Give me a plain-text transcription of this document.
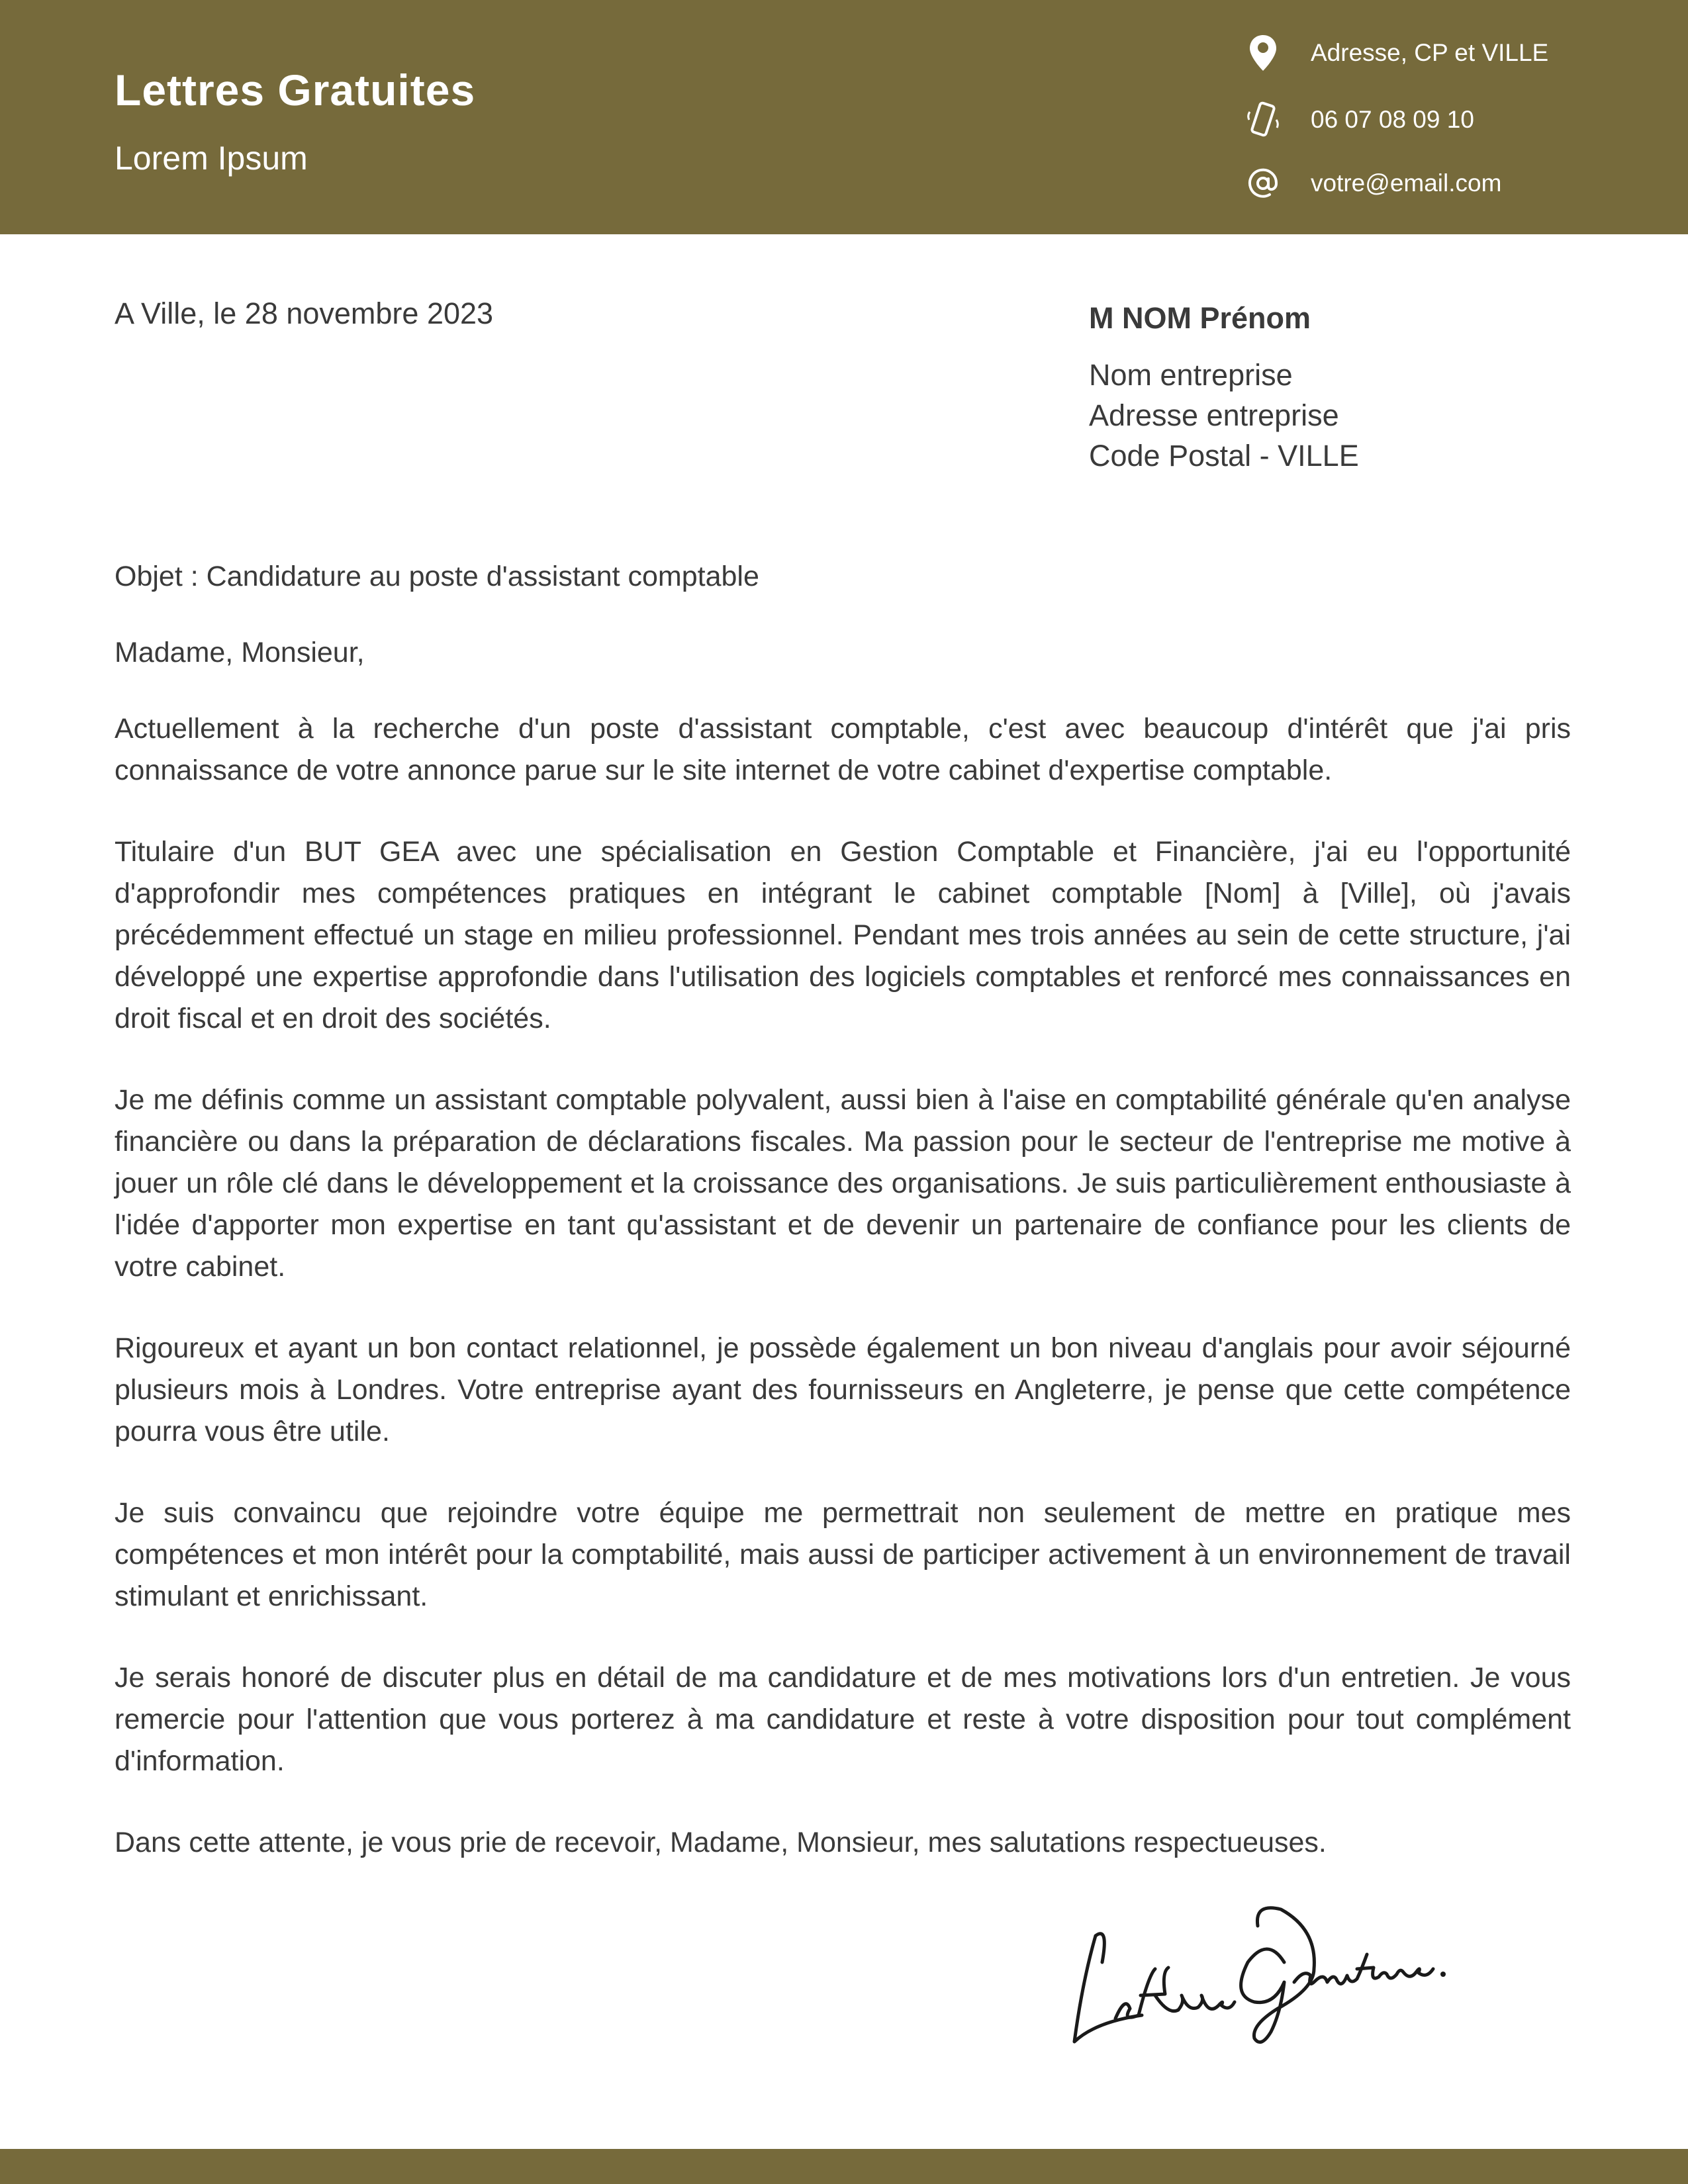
Lettres Gratuites
Lorem Ipsum
Adresse, CP et VILLE
06 07 08 09 10
votre@email.com
A Ville, le 28 novembre 2023	M NOM Prénom
Nom entreprise
Adresse entreprise
Code Postal - VILLE

Objet : Candidature au poste d'assistant comptable

Madame, Monsieur,

Actuellement à la recherche d'un poste d'assistant comptable, c'est avec beaucoup d'intérêt que j'ai pris connaissance de votre annonce parue sur le site internet de votre cabinet d'expertise comptable.

Titulaire d'un BUT GEA avec une spécialisation en Gestion Comptable et Financière, j'ai eu l'opportunité d'approfondir mes compétences pratiques en intégrant le cabinet comptable [Nom] à [Ville], où j'avais précédemment effectué un stage en milieu professionnel. Pendant mes trois années au sein de cette structure, j'ai développé une expertise approfondie dans l'utilisation des logiciels comptables et renforcé mes connaissances en droit fiscal et en droit des sociétés.

Je me définis comme un assistant comptable polyvalent, aussi bien à l'aise en comptabilité générale qu'en analyse financière ou dans la préparation de déclarations fiscales. Ma passion pour le secteur de l'entreprise me motive à jouer un rôle clé dans le développement et la croissance des organisations. Je suis particulièrement enthousiaste à l'idée d'apporter mon expertise en tant qu'assistant et de devenir un partenaire de confiance pour les clients de votre cabinet.

Rigoureux et ayant un bon contact relationnel, je possède également un bon niveau d'anglais pour avoir séjourné plusieurs mois à Londres. Votre entreprise ayant des fournisseurs en Angleterre, je pense que cette compétence pourra vous être utile.

Je suis convaincu que rejoindre votre équipe me permettrait non seulement de mettre en pratique mes compétences et mon intérêt pour la comptabilité, mais aussi de participer activement à un environnement de travail stimulant et enrichissant.

Je serais honoré de discuter plus en détail de ma candidature et de mes motivations lors d'un entretien. Je vous remercie pour l'attention que vous porterez à ma candidature et reste à votre disposition pour tout complément d'information.

Dans cette attente, je vous prie de recevoir, Madame, Monsieur, mes salutations respectueuses.
